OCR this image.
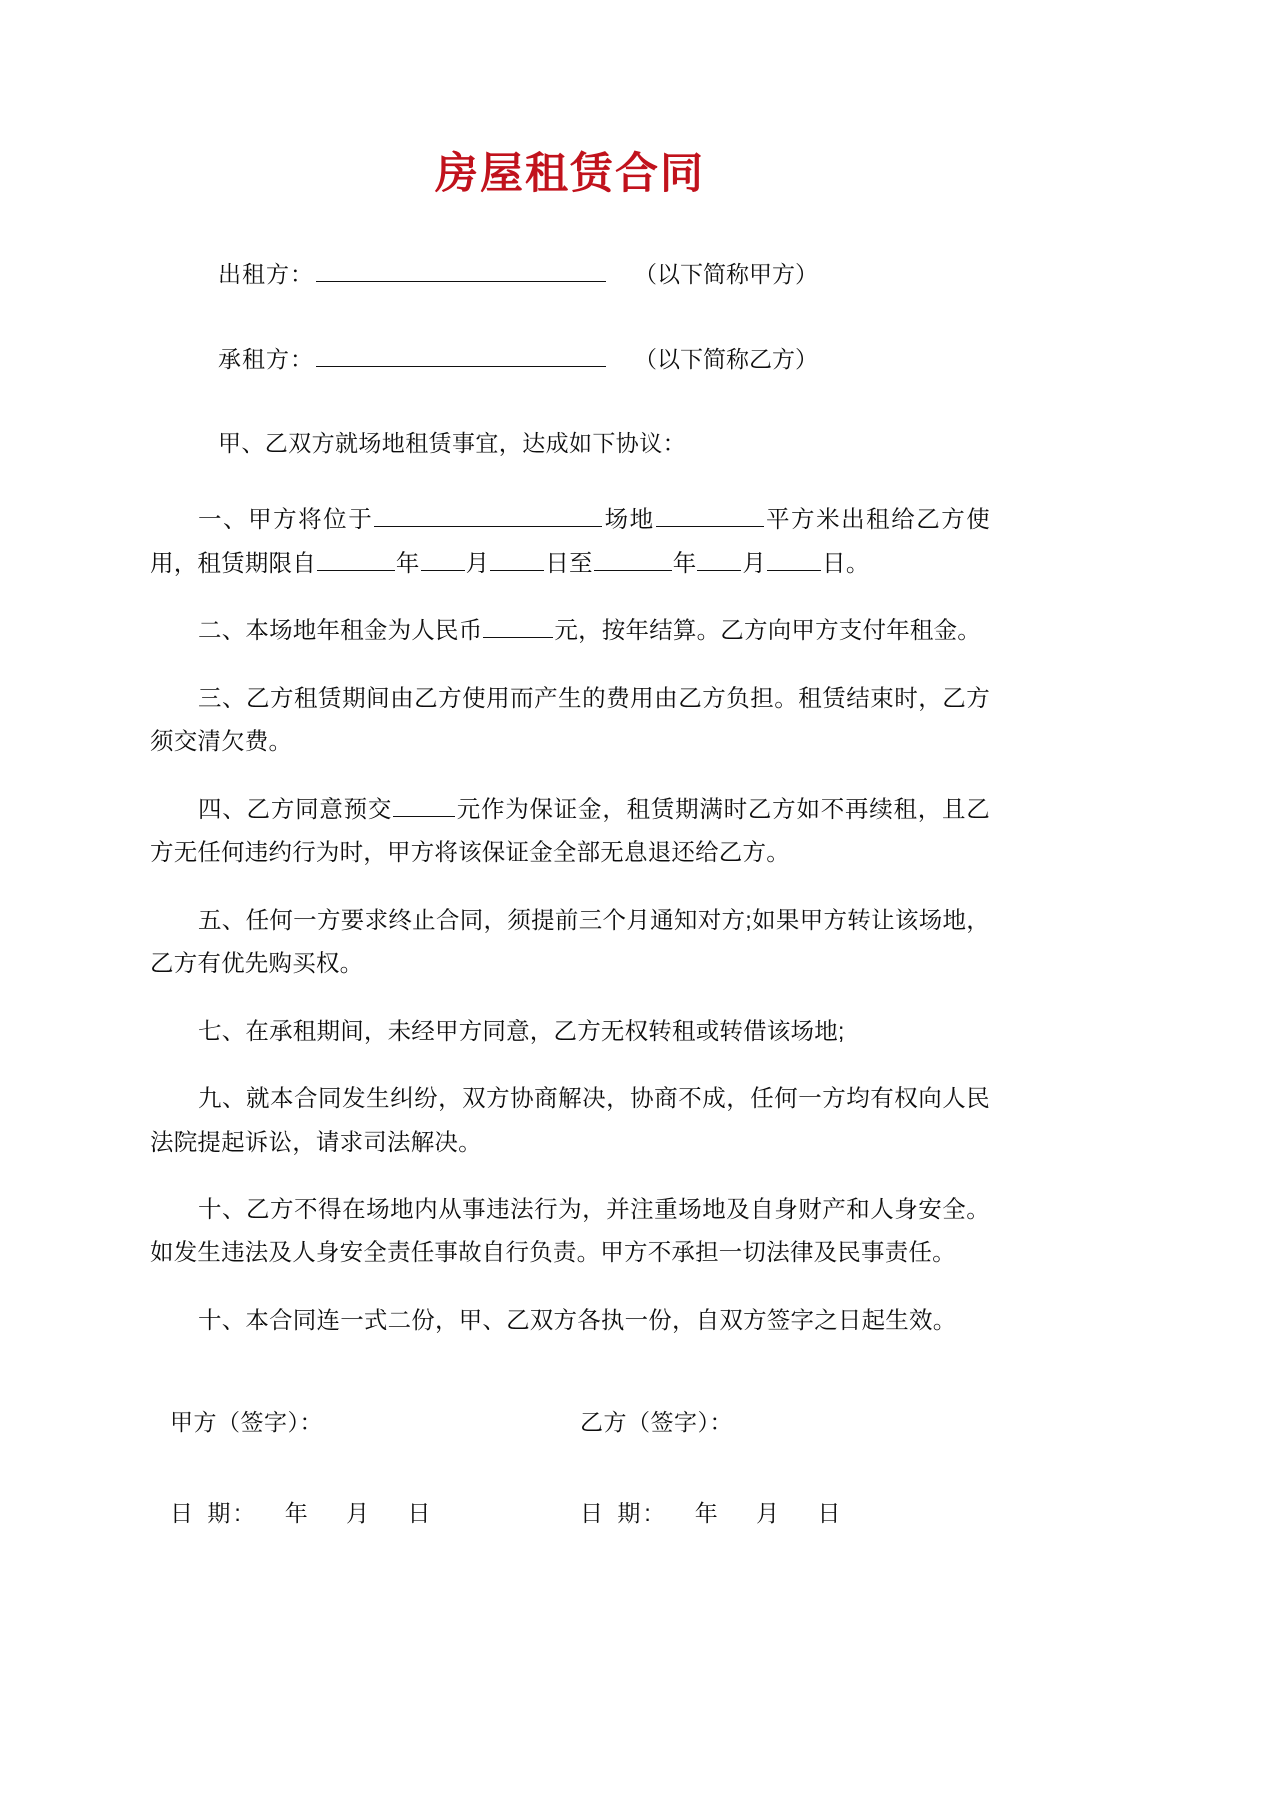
房屋租赁合同
出租方：	（以下简称甲方）
承租方：	（以下简称乙方）

甲、乙双方就场地租赁事宜，达成如下协议：

一、甲方将位于	场地	平方米出租给乙方使用，租赁期限自	年 月 日至	年 月 日。

二、本场地年租金为人民币	元，按年结算。乙方向甲方支付年租金。

三、乙方租赁期间由乙方使用而产生的费用由乙方负担。租赁结束时，乙方须交清欠费。

四、乙方同意预交	元作为保证金，租赁期满时乙方如不再续租，且乙方无任何违约行为时，甲方将该保证金全部无息退还给乙方。

五、任何一方要求终止合同，须提前三个月通知对方;如果甲方转让该场地，乙方有优先购买权。

七、在承租期间，未经甲方同意，乙方无权转租或转借该场地;

九、就本合同发生纠纷，双方协商解决，协商不成，任何一方均有权向人民法院提起诉讼，请求司法解决。

十、乙方不得在场地内从事违法行为，并注重场地及自身财产和人身安全。如发生违法及人身安全责任事故自行负责。甲方不承担一切法律及民事责任。

十、本合同连一式二份，甲、乙双方各执一份，自双方签字之日起生效。

甲方（签字）：	乙方（签字）：
日 期: 年 月 日	日 期: 年 月 日
